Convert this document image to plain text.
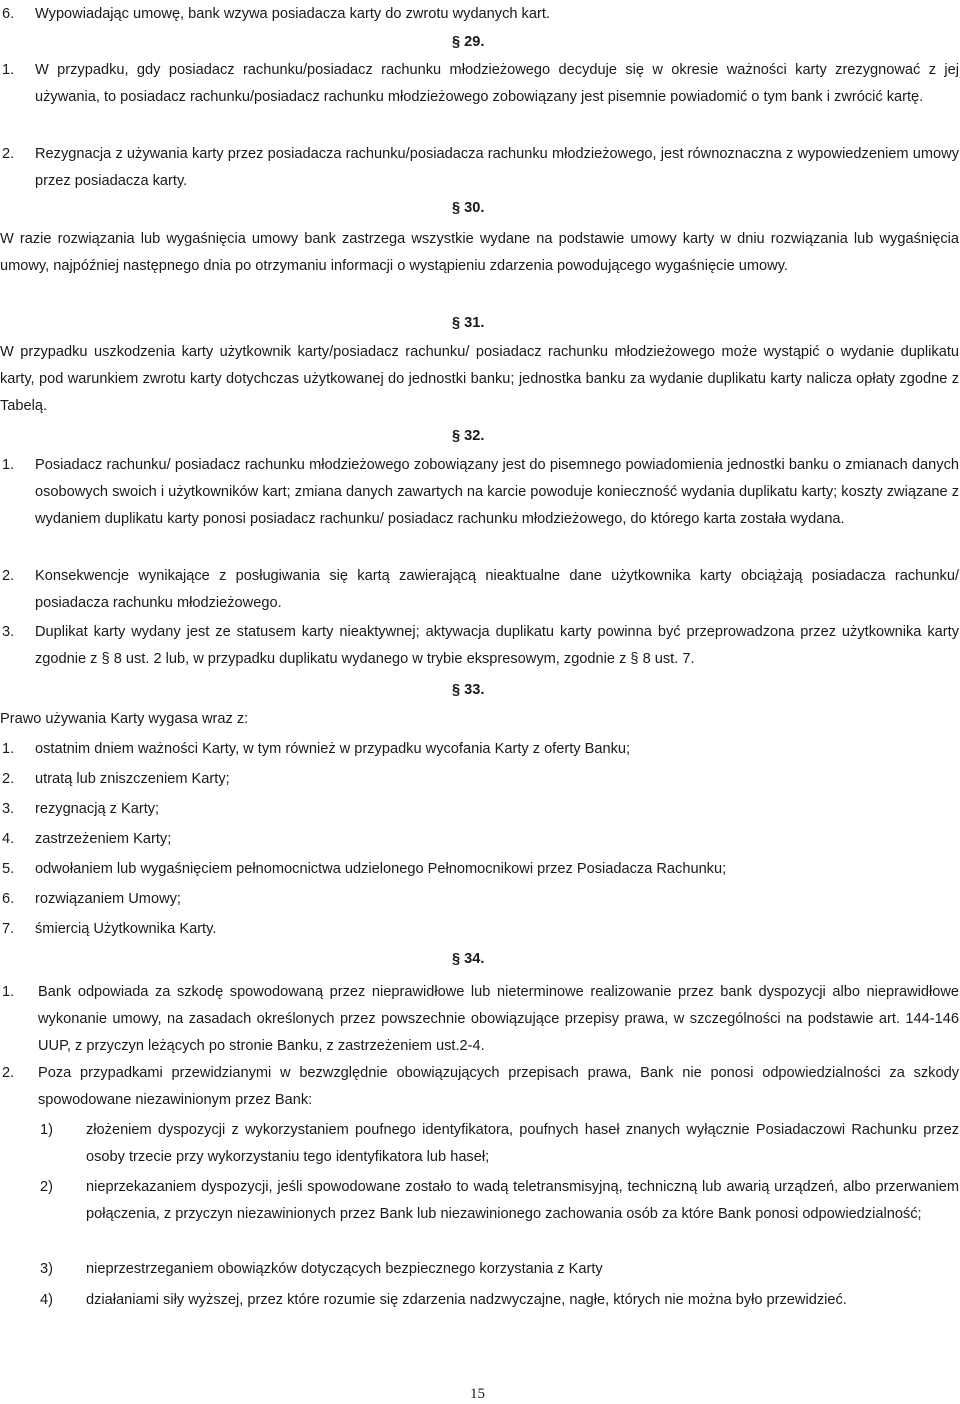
6. Wypowiadając umowę, bank wzywa posiadacza karty do zwrotu wydanych kart.
§ 29.
1. W przypadku, gdy posiadacz rachunku/posiadacz rachunku młodzieżowego decyduje się w okresie ważności karty zrezygnować z jej używania, to posiadacz rachunku/posiadacz rachunku młodzieżowego zobowiązany jest pisemnie powiadomić o tym bank i zwrócić kartę.
2. Rezygnacja z używania karty przez posiadacza rachunku/posiadacza rachunku młodzieżowego, jest równoznaczna z wypowiedzeniem umowy przez posiadacza karty.
§ 30.
W razie rozwiązania lub wygaśnięcia umowy bank zastrzega wszystkie wydane na podstawie umowy karty w dniu rozwiązania lub wygaśnięcia umowy, najpóźniej następnego dnia po otrzymaniu informacji o wystąpieniu zdarzenia powodującego wygaśnięcie umowy.
§ 31.
W przypadku uszkodzenia karty użytkownik karty/posiadacz rachunku/ posiadacz rachunku młodzieżowego może wystąpić o wydanie duplikatu karty, pod warunkiem zwrotu karty dotychczas użytkowanej do jednostki banku; jednostka banku za wydanie duplikatu karty nalicza opłaty zgodne z Tabelą.
§ 32.
1. Posiadacz rachunku/ posiadacz rachunku młodzieżowego zobowiązany jest do pisemnego powiadomienia jednostki banku o zmianach danych osobowych swoich i użytkowników kart; zmiana danych zawartych na karcie powoduje konieczność wydania duplikatu karty; koszty związane z wydaniem duplikatu karty ponosi posiadacz rachunku/ posiadacz rachunku młodzieżowego, do którego karta została wydana.
2. Konsekwencje wynikające z posługiwania się kartą zawierającą nieaktualne dane użytkownika karty obciążają posiadacza rachunku/ posiadacza rachunku młodzieżowego.
3. Duplikat karty wydany jest ze statusem karty nieaktywnej; aktywacja duplikatu karty powinna być przeprowadzona przez użytkownika karty zgodnie z § 8 ust. 2 lub, w przypadku duplikatu wydanego w trybie ekspresowym, zgodnie z § 8 ust. 7.
§ 33.
Prawo używania Karty wygasa wraz z:
1. ostatnim dniem ważności Karty, w tym również w przypadku wycofania Karty z oferty Banku;
2. utratą lub zniszczeniem Karty;
3. rezygnacją z Karty;
4. zastrzeżeniem Karty;
5. odwołaniem lub wygaśnięciem pełnomocnictwa udzielonego Pełnomocnikowi przez Posiadacza Rachunku;
6. rozwiązaniem Umowy;
7. śmiercią Użytkownika Karty.
§ 34.
1. Bank odpowiada za szkodę spowodowaną przez nieprawidłowe lub nieterminowe realizowanie przez bank dyspozycji albo nieprawidłowe wykonanie umowy, na zasadach określonych przez powszechnie obowiązujące przepisy prawa, w szczególności na podstawie art. 144-146 UUP, z przyczyn leżących po stronie Banku, z zastrzeżeniem ust.2-4.
2. Poza przypadkami przewidzianymi w bezwzględnie obowiązujących przepisach prawa, Bank nie ponosi odpowiedzialności za szkody spowodowane niezawinionym przez Bank:
1) złożeniem dyspozycji z wykorzystaniem poufnego identyfikatora, poufnych haseł znanych wyłącznie Posiadaczowi Rachunku przez osoby trzecie przy wykorzystaniu tego identyfikatora lub haseł;
2) nieprzekazaniem dyspozycji, jeśli spowodowane zostało to wadą teletransmisyjną, techniczną lub awarią urządzeń, albo przerwaniem połączenia, z przyczyn niezawinionych przez Bank lub niezawinionego zachowania osób za które Bank ponosi odpowiedzialność;
3) nieprzestrzeganiem obowiązków dotyczących bezpiecznego korzystania z Karty
4) działaniami siły wyższej, przez które rozumie się zdarzenia nadzwyczajne, nagłe, których nie można było przewidzieć.
15
